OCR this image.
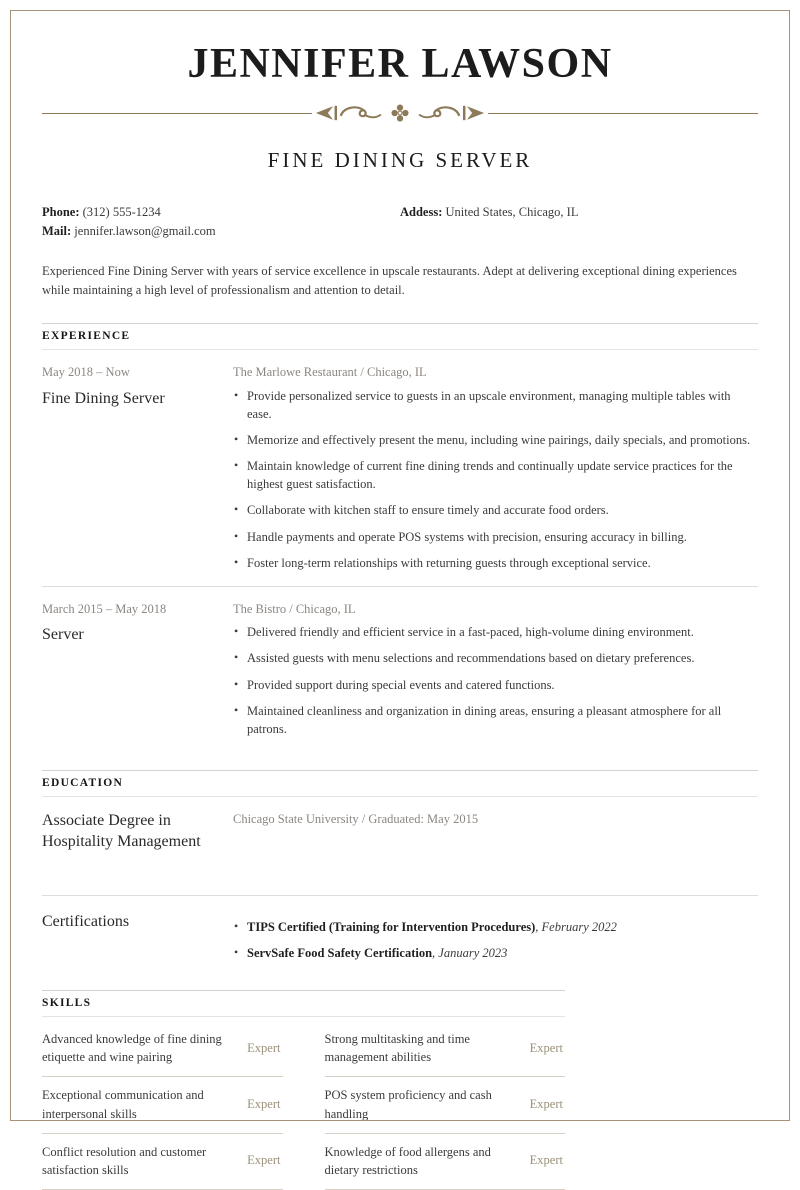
JENNIFER LAWSON
FINE DINING SERVER
Phone: (312) 555-1234	Addess: United States, Chicago, IL
Mail: jennifer.lawson@gmail.com

Experienced Fine Dining Server with years of service excellence in upscale restaurants. Adept at delivering exceptional dining experiences while maintaining a high level of professionalism and attention to detail.

EXPERIENCE
May 2018 – Now
Fine Dining Server
The Marlowe Restaurant / Chicago, IL
• Provide personalized service to guests in an upscale environment, managing multiple tables with ease.
• Memorize and effectively present the menu, including wine pairings, daily specials, and promotions.
• Maintain knowledge of current fine dining trends and continually update service practices for the highest guest satisfaction.
• Collaborate with kitchen staff to ensure timely and accurate food orders.
• Handle payments and operate POS systems with precision, ensuring accuracy in billing.
• Foster long-term relationships with returning guests through exceptional service.
March 2015 – May 2018
Server
The Bistro / Chicago, IL
• Delivered friendly and efficient service in a fast-paced, high-volume dining environment.
• Assisted guests with menu selections and recommendations based on dietary preferences.
• Provided support during special events and catered functions.
• Maintained cleanliness and organization in dining areas, ensuring a pleasant atmosphere for all patrons.
EDUCATION
Associate Degree in Hospitality Management
Chicago State University / Graduated: May 2015
Certifications	• TIPS Certified (Training for Intervention Procedures), February 2022
• ServSafe Food Safety Certification, January 2023
SKILLS
Advanced knowledge of fine dining etiquette and wine pairing
Expert
Strong multitasking and time management abilities
Expert
Exceptional communication and interpersonal skills
Expert
POS system proficiency and cash handling
Expert
Conflict resolution and customer satisfaction skills
Expert
Knowledge of food allergens and dietary restrictions
Expert
